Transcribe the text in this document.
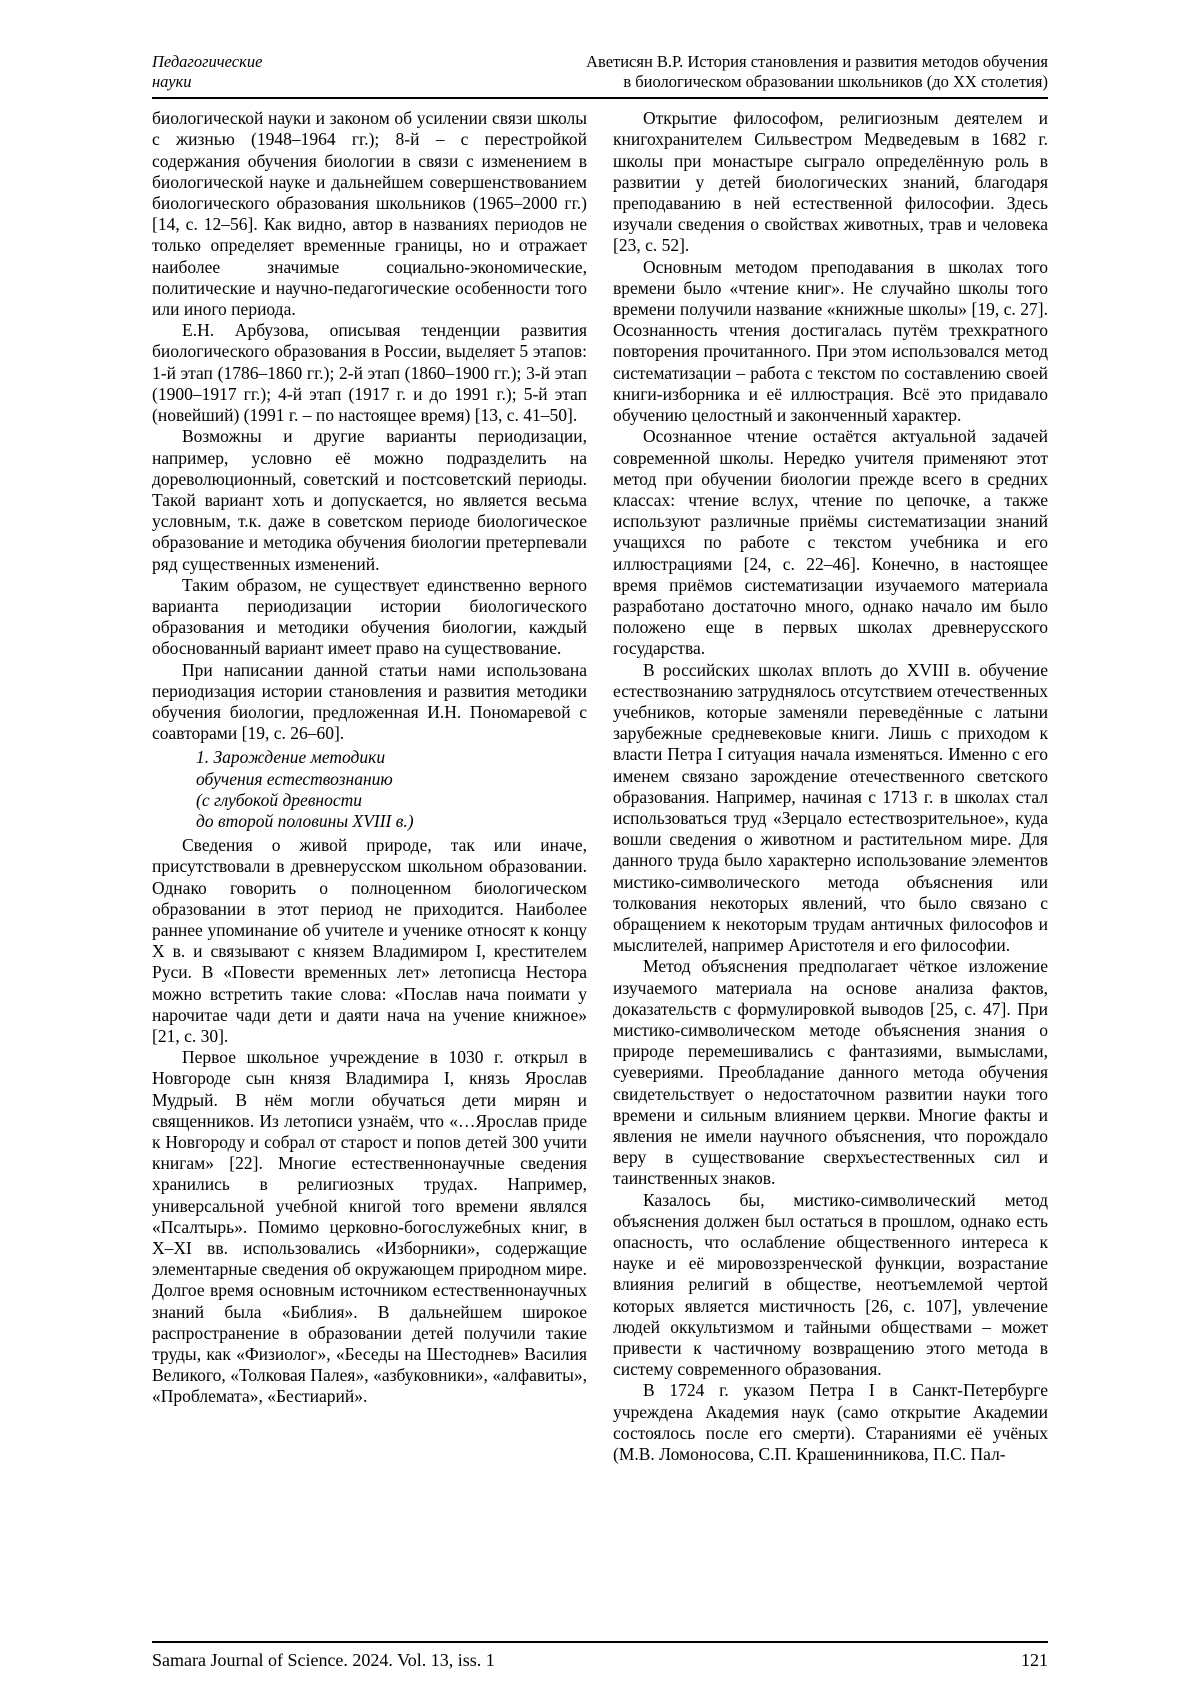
Педагогические
науки
Аветисян В.Р. История становления и развития методов обучения
в биологическом образовании школьников (до XX столетия)

биологической науки и законом об усилении связи школы с жизнью (1948–1964 гг.); 8-й – с перестройкой содержания обучения биологии в связи с изменением в биологической науке и дальнейшем совершенствованием биологического образования школьников (1965–2000 гг.) [14, с. 12–56]. Как видно, автор в названиях периодов не только определяет временные границы, но и отражает наиболее значимые социально-экономические, политические и научно-педагогические особенности того или иного периода.

Е.Н. Арбузова, описывая тенденции развития биологического образования в России, выделяет 5 этапов: 1-й этап (1786–1860 гг.); 2-й этап (1860–1900 гг.); 3-й этап (1900–1917 гг.); 4-й этап (1917 г. и до 1991 г.); 5-й этап (новейший) (1991 г. – по настоящее время) [13, с. 41–50].

Возможны и другие варианты периодизации, например, условно её можно подразделить на дореволюционный, советский и постсоветский периоды. Такой вариант хоть и допускается, но является весьма условным, т.к. даже в советском периоде биологическое образование и методика обучения биологии претерпевали ряд существенных изменений.

Таким образом, не существует единственно верного варианта периодизации истории биологического образования и методики обучения биологии, каждый обоснованный вариант имеет право на существование.

При написании данной статьи нами использована периодизация истории становления и развития методики обучения биологии, предложенная И.Н. Пономаревой с соавторами [19, с. 26–60].

1. Зарождение методики
обучения естествознанию
(с глубокой древности
до второй половины XVIII в.)

Сведения о живой природе, так или иначе, присутствовали в древнерусском школьном образовании. Однако говорить о полноценном биологическом образовании в этот период не приходится. Наиболее раннее упоминание об учителе и ученике относят к концу X в. и связывают с князем Владимиром I, крестителем Руси. В «Повести временных лет» летописца Нестора можно встретить такие слова: «Послав нача поимати у нарочитае чади дети и даяти нача на учение книжное» [21, с. 30].

Первое школьное учреждение в 1030 г. открыл в Новгороде сын князя Владимира I, князь Ярослав Мудрый. В нём могли обучаться дети мирян и священников. Из летописи узнаём, что «…Ярослав приде к Новгороду и собрал от старост и попов детей 300 учити книгам» [22]. Многие естественнонаучные сведения хранились в религиозных трудах. Например, универсальной учебной книгой того времени являлся «Псалтырь». Помимо церковно-богослужебных книг, в X–XI вв. использовались «Изборники», содержащие элементарные сведения об окружающем природном мире. Долгое время основным источником естественнонаучных знаний была «Библия». В дальнейшем широкое распространение в образовании детей получили такие труды, как «Физиолог», «Беседы на Шестоднев» Василия Великого, «Толковая Палея», «азбуковники», «алфавиты», «Проблемата», «Бестиарий».

Открытие философом, религиозным деятелем и книгохранителем Сильвестром Медведевым в 1682 г. школы при монастыре сыграло определённую роль в развитии у детей биологических знаний, благодаря преподаванию в ней естественной философии. Здесь изучали сведения о свойствах животных, трав и человека [23, с. 52].

Основным методом преподавания в школах того времени было «чтение книг». Не случайно школы того времени получили название «книжные школы» [19, с. 27]. Осознанность чтения достигалась путём трехкратного повторения прочитанного. При этом использовался метод систематизации – работа с текстом по составлению своей книги-изборника и её иллюстрация. Всё это придавало обучению целостный и законченный характер.

Осознанное чтение остаётся актуальной задачей современной школы. Нередко учителя применяют этот метод при обучении биологии прежде всего в средних классах: чтение вслух, чтение по цепочке, а также используют различные приёмы систематизации знаний учащихся по работе с текстом учебника и его иллюстрациями [24, с. 22–46]. Конечно, в настоящее время приёмов систематизации изучаемого материала разработано достаточно много, однако начало им было положено еще в первых школах древнерусского государства.

В российских школах вплоть до XVIII в. обучение естествознанию затруднялось отсутствием отечественных учебников, которые заменяли переведённые с латыни зарубежные средневековые книги. Лишь с приходом к власти Петра I ситуация начала изменяться. Именно с его именем связано зарождение отечественного светского образования. Например, начиная с 1713 г. в школах стал использоваться труд «Зерцало естествозрительное», куда вошли сведения о животном и растительном мире. Для данного труда было характерно использование элементов мистико-символического метода объяснения или толкования некоторых явлений, что было связано с обращением к некоторым трудам античных философов и мыслителей, например Аристотеля и его философии.

Метод объяснения предполагает чёткое изложение изучаемого материала на основе анализа фактов, доказательств с формулировкой выводов [25, с. 47]. При мистико-символическом методе объяснения знания о природе перемешивались с фантазиями, вымыслами, суевериями. Преобладание данного метода обучения свидетельствует о недостаточном развитии науки того времени и сильным влиянием церкви. Многие факты и явления не имели научного объяснения, что порождало веру в существование сверхъестественных сил и таинственных знаков.

Казалось бы, мистико-символический метод объяснения должен был остаться в прошлом, однако есть опасность, что ослабление общественного интереса к науке и её мировоззренческой функции, возрастание влияния религий в обществе, неотъемлемой чертой которых является мистичность [26, с. 107], увлечение людей оккультизмом и тайными обществами – может привести к частичному возвращению этого метода в систему современного образования.

В 1724 г. указом Петра I в Санкт-Петербурге учреждена Академия наук (само открытие Академии состоялось после его смерти). Стараниями её учёных (М.В. Ломоносова, С.П. Крашенинникова, П.С. Пал-

Samara Journal of Science. 2024. Vol. 13, iss. 1	121
